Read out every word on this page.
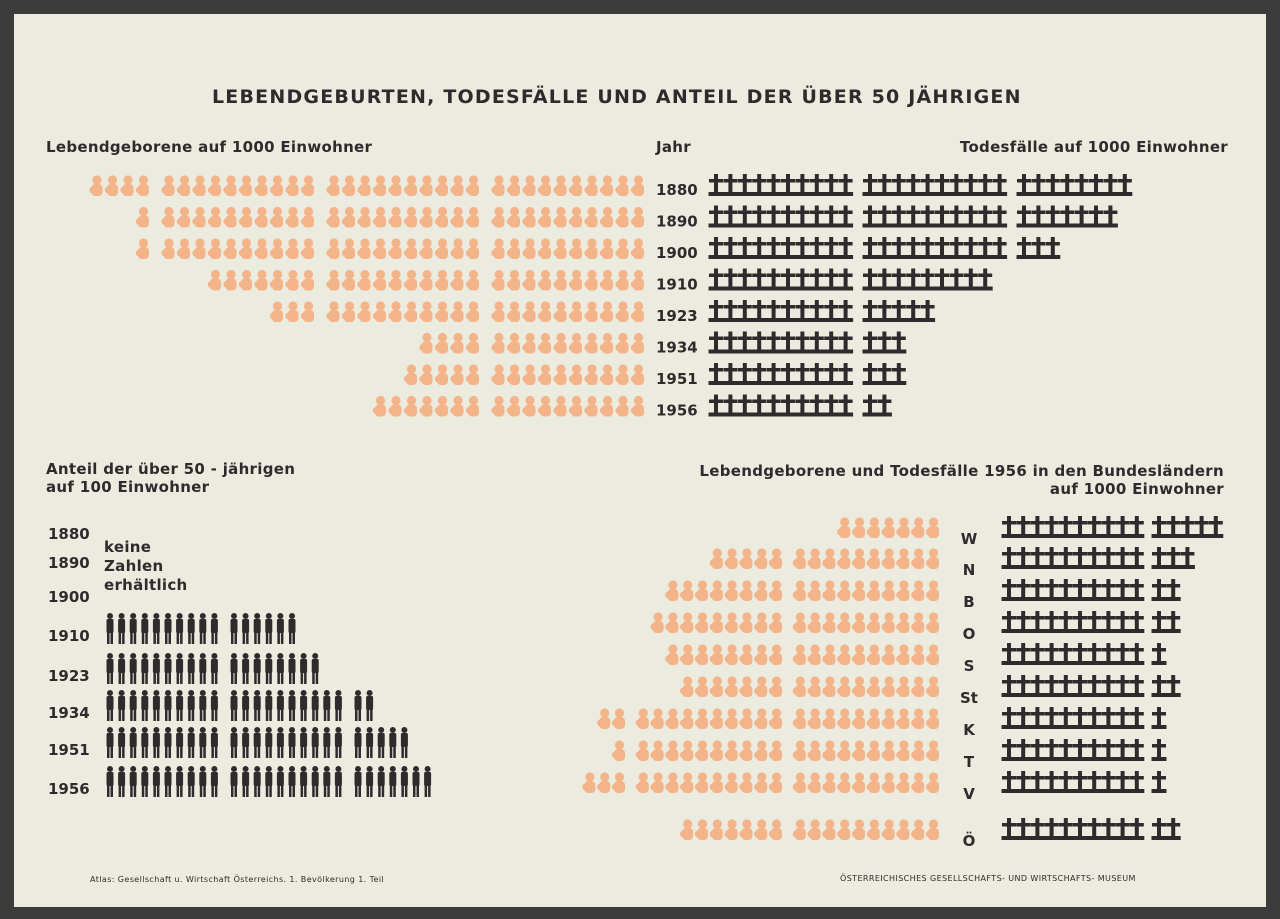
LEBENDGEBURTEN, TODESFÄLLE UND ANTEIL DER ÜBER 50 JÄHRIGEN
Lebendgeborene auf 1000 Einwohner	Jahr	Todesfälle auf 1000 Einwohner
Anteil der über 50 - jährigen
auf 100 Einwohner
keine
Zahlen
erhältlich
Lebendgeborene und Todesfälle 1956 in den Bundesländern
auf 1000 Einwohner
Atlas: Gesellschaft u. Wirtschaft Österreichs. 1. Bevölkerung 1. Teil	ÖSTERREICHISCHES GESELLSCHAFTS- UND WIRTSCHAFTS- MUSEUM
1880
1890
1900
1910
1923
1934
1951
1956
1880
1890
1900
1910
1923
1934
1951
1956
W
N
B
O
S
St
K
T
V
Ö
